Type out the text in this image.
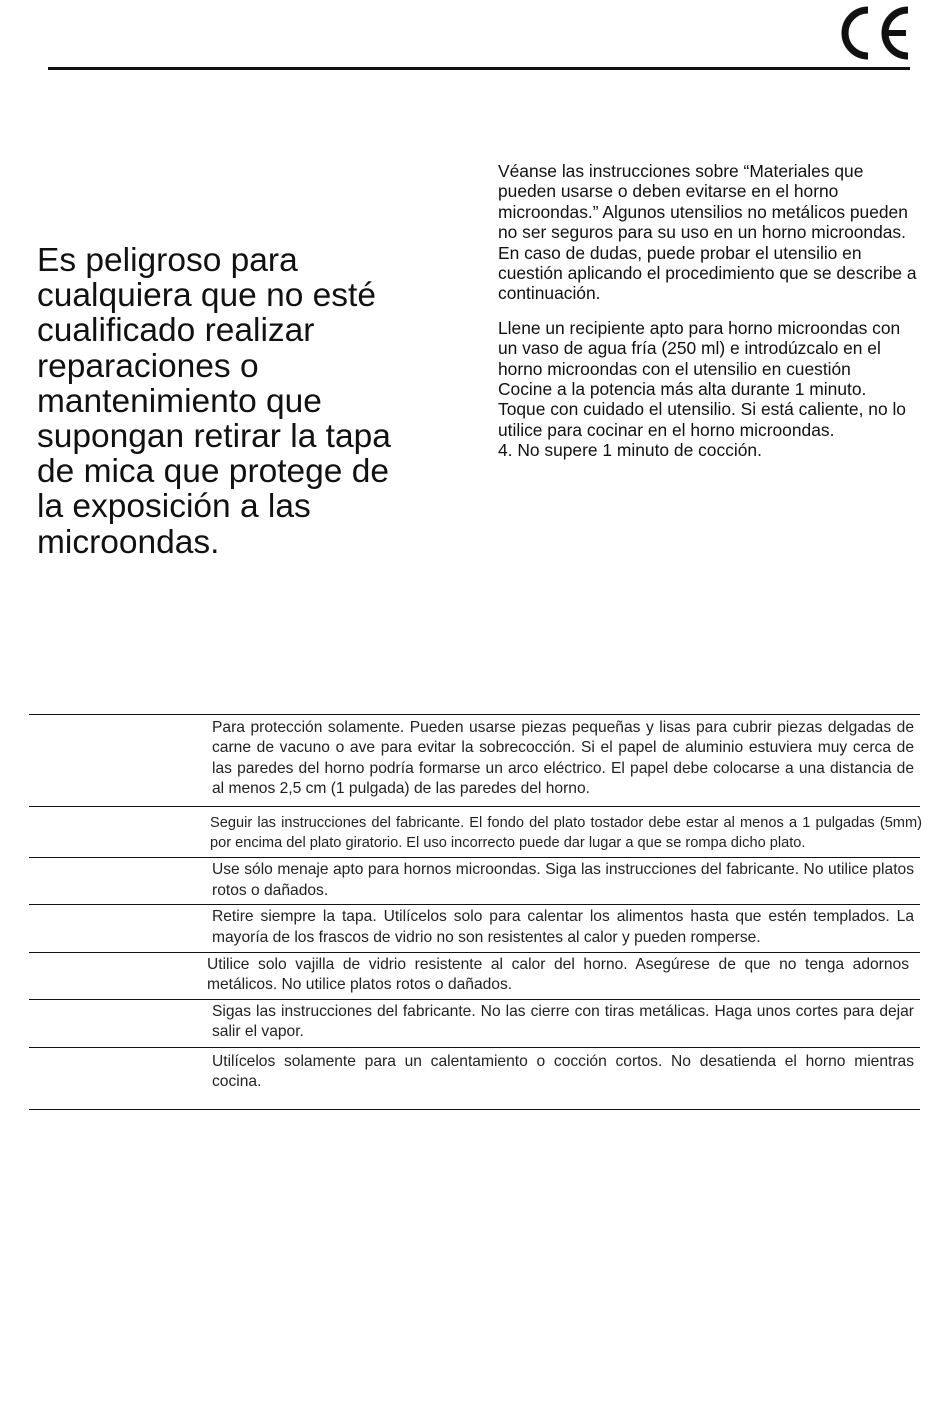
Es peligroso para
cualquiera que no esté
cualificado realizar
reparaciones o
mantenimiento que
supongan retirar la tapa
de mica que protege de
la exposición a las
microondas.

Véanse las instrucciones sobre “Materiales que pueden usarse o deben evitarse en el horno microondas.” Algunos utensilios no metálicos pueden no ser seguros para su uso en un horno microondas. En caso de dudas, puede probar el utensilio en cuestión aplicando el procedimiento que se describe a continuación.

Llene un recipiente apto para horno microondas con un vaso de agua fría (250 ml) e introdúzcalo en el horno microondas con el utensilio en cuestión

Cocine a la potencia más alta durante 1 minuto.

Toque con cuidado el utensilio. Si está caliente, no lo utilice para cocinar en el horno microondas.

4. No supere 1 minuto de cocción.

Para protección solamente. Pueden usarse piezas pequeñas y lisas para cubrir piezas delgadas de carne de vacuno o ave para evitar la sobrecocción. Si el papel de aluminio estuviera muy cerca de las paredes del horno podría formarse un arco eléctrico. El papel debe colocarse a una distancia de al menos 2,5 cm (1 pulgada) de las paredes del horno.
Seguir las instrucciones del fabricante. El fondo del plato tostador debe estar al menos a 1 pulgadas (5mm) por encima del plato giratorio. El uso incorrecto puede dar lugar a que se rompa dicho plato.
Use sólo menaje apto para hornos microondas. Siga las instrucciones del fabricante. No utilice platos rotos o dañados.
Retire siempre la tapa. Utilícelos solo para calentar los alimentos hasta que estén templados. La mayoría de los frascos de vidrio no son resistentes al calor y pueden romperse.
Utilice solo vajilla de vidrio resistente al calor del horno. Asegúrese de que no tenga adornos metálicos. No utilice platos rotos o dañados.
Sigas las instrucciones del fabricante. No las cierre con tiras metálicas. Haga unos cortes para dejar salir el vapor.
Utilícelos solamente para un calentamiento o cocción cortos. No desatienda el horno mientras cocina.
